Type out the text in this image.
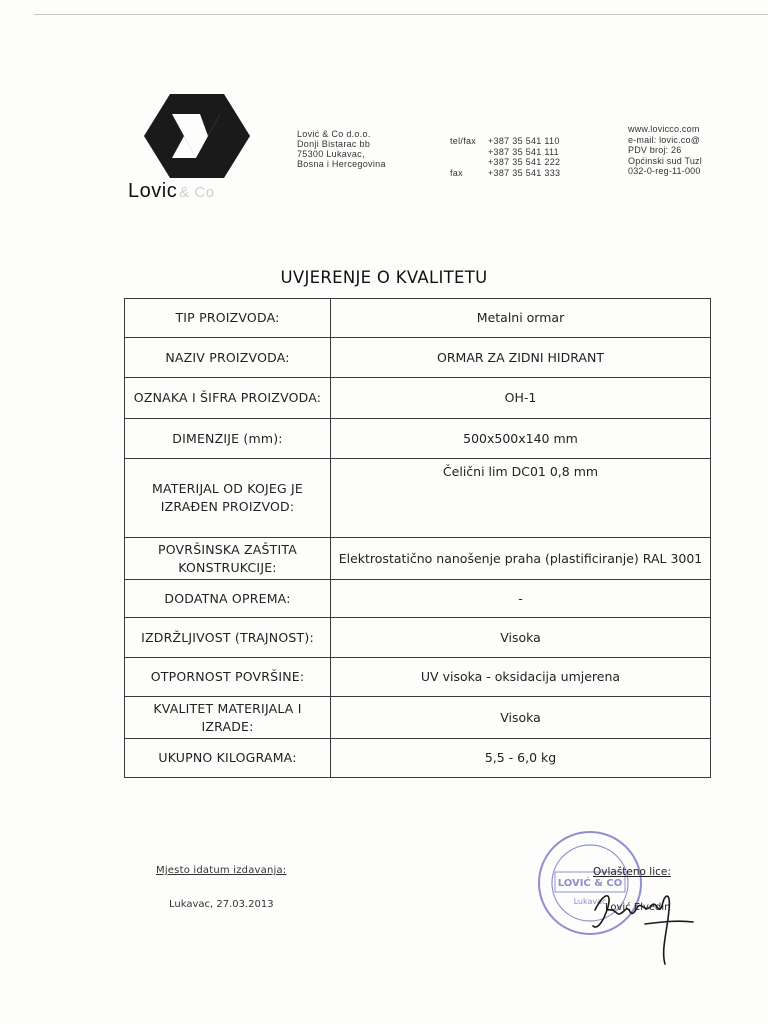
Lovic & Co
Lović & Co d.o.o.
Donji Bistarac bb
75300 Lukavac,
Bosna i Hercegovina
tel/fax	+387 35 541 110
+387 35 541 111
+387 35 541 222
fax	+387 35 541 333
www.lovicco.com
e-mail: lovic.co@
PDV broj: 26
Općinski sud Tuzl
032-0-reg-11-000
UVJERENJE O KVALITETU
TIP PROIZVODA:	Metalni ormar
NAZIV PROIZVODA:	ORMAR ZA ZIDNI HIDRANT
OZNAKA I ŠIFRA PROIZVODA:	OH-1
DIMENZIJE (mm):	500x500x140 mm
MATERIJAL OD KOJEG JE IZRAĐEN PROIZVOD:	Čelični lim DC01 0,8 mm
POVRŠINSKA ZAŠTITA KONSTRUKCIJE:	Elektrostatično nanošenje praha (plastificiranje) RAL 3001
DODATNA OPREMA:	-
IZDRŽLJIVOST (TRAJNOST):	Visoka
OTPORNOST POVRŠINE:	UV visoka - oksidacija umjerena
KVALITET MATERIJALA I IZRADE:	Visoka
UKUPNO KILOGRAMA:	5,5 - 6,0 kg
Mjesto idatum izdavanja:
Lukavac, 27.03.2013
LOVIĆ & CO
Lukavac
Ovlašteno lice:
Lović Elvedin
